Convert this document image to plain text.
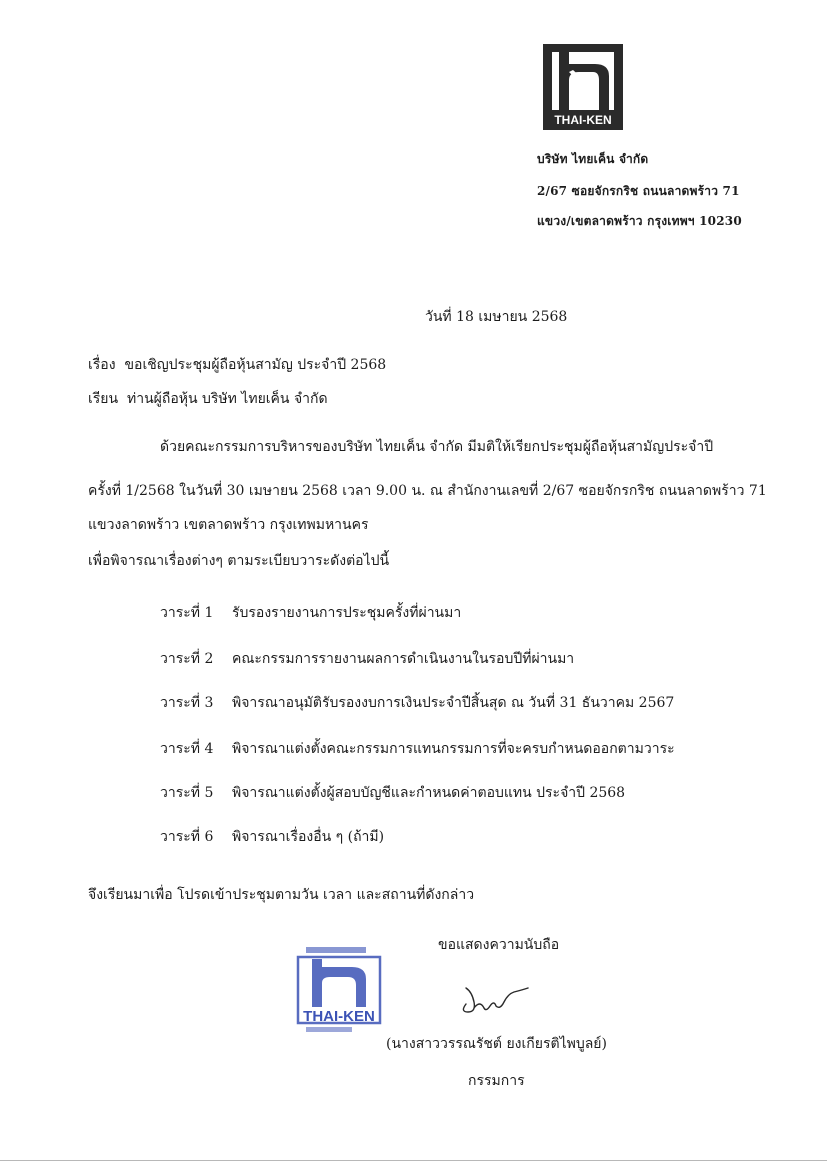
THAI-KEN
บริษัท ไทยเค็น จำกัด
2/67 ซอยจักรกริช ถนนลาดพร้าว 71
แขวง/เขตลาดพร้าว กรุงเทพฯ 10230
วันที่ 18 เมษายน 2568
เรื่อง ขอเชิญประชุมผู้ถือหุ้นสามัญ ประจำปี 2568
เรียน ท่านผู้ถือหุ้น บริษัท ไทยเค็น จำกัด
ด้วยคณะกรรมการบริหารของบริษัท ไทยเค็น จำกัด มีมติให้เรียกประชุมผู้ถือหุ้นสามัญประจำปี
ครั้งที่ 1/2568 ในวันที่ 30 เมษายน 2568 เวลา 9.00 น. ณ สำนักงานเลขที่ 2/67 ซอยจักรกริช ถนนลาดพร้าว 71
แขวงลาดพร้าว เขตลาดพร้าว กรุงเทพมหานคร
เพื่อพิจารณาเรื่องต่างๆ ตามระเบียบวาระดังต่อไปนี้
วาระที่ 1 รับรองรายงานการประชุมครั้งที่ผ่านมา
วาระที่ 2 คณะกรรมการรายงานผลการดำเนินงานในรอบปีที่ผ่านมา
วาระที่ 3 พิจารณาอนุมัติรับรองงบการเงินประจำปีสิ้นสุด ณ วันที่ 31 ธันวาคม 2567
วาระที่ 4 พิจารณาแต่งตั้งคณะกรรมการแทนกรรมการที่จะครบกำหนดออกตามวาระ
วาระที่ 5 พิจารณาแต่งตั้งผู้สอบบัญชีและกำหนดค่าตอบแทน ประจำปี 2568
วาระที่ 6 พิจารณาเรื่องอื่น ๆ (ถ้ามี)
จึงเรียนมาเพื่อ โปรดเข้าประชุมตามวัน เวลา และสถานที่ดังกล่าว
ขอแสดงความนับถือ
THAI-KEN
(นางสาววรรณรัชต์ ยงเกียรติไพบูลย์)
กรรมการ
